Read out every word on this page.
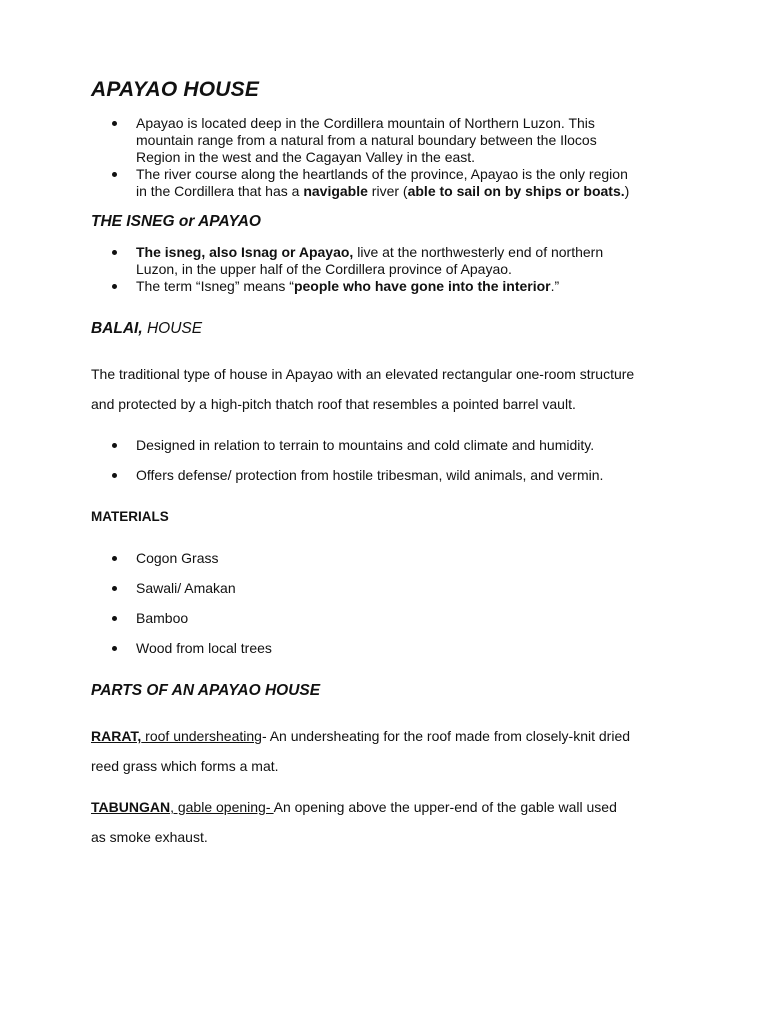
APAYAO HOUSE
Apayao is located deep in the Cordillera mountain of Northern Luzon. This
mountain range from a natural from a natural boundary between the Ilocos
Region in the west and the Cagayan Valley in the east.
The river course along the heartlands of the province, Apayao is the only region
in the Cordillera that has a navigable river (able to sail on by ships or boats.)
THE ISNEG or APAYAO
The isneg, also Isnag or Apayao, live at the northwesterly end of northern
Luzon, in the upper half of the Cordillera province of Apayao.
The term “Isneg” means “people who have gone into the interior.”
BALAI, HOUSE
The traditional type of house in Apayao with an elevated rectangular one-room structure
and protected by a high-pitch thatch roof that resembles a pointed barrel vault.
Designed in relation to terrain to mountains and cold climate and humidity.
Offers defense/ protection from hostile tribesman, wild animals, and vermin.
MATERIALS
Cogon Grass
Sawali/ Amakan
Bamboo
Wood from local trees
PARTS OF AN APAYAO HOUSE
RARAT, roof undersheating- An undersheating for the roof made from closely-knit dried
reed grass which forms a mat.
TABUNGAN, gable opening- An opening above the upper-end of the gable wall used
as smoke exhaust.
